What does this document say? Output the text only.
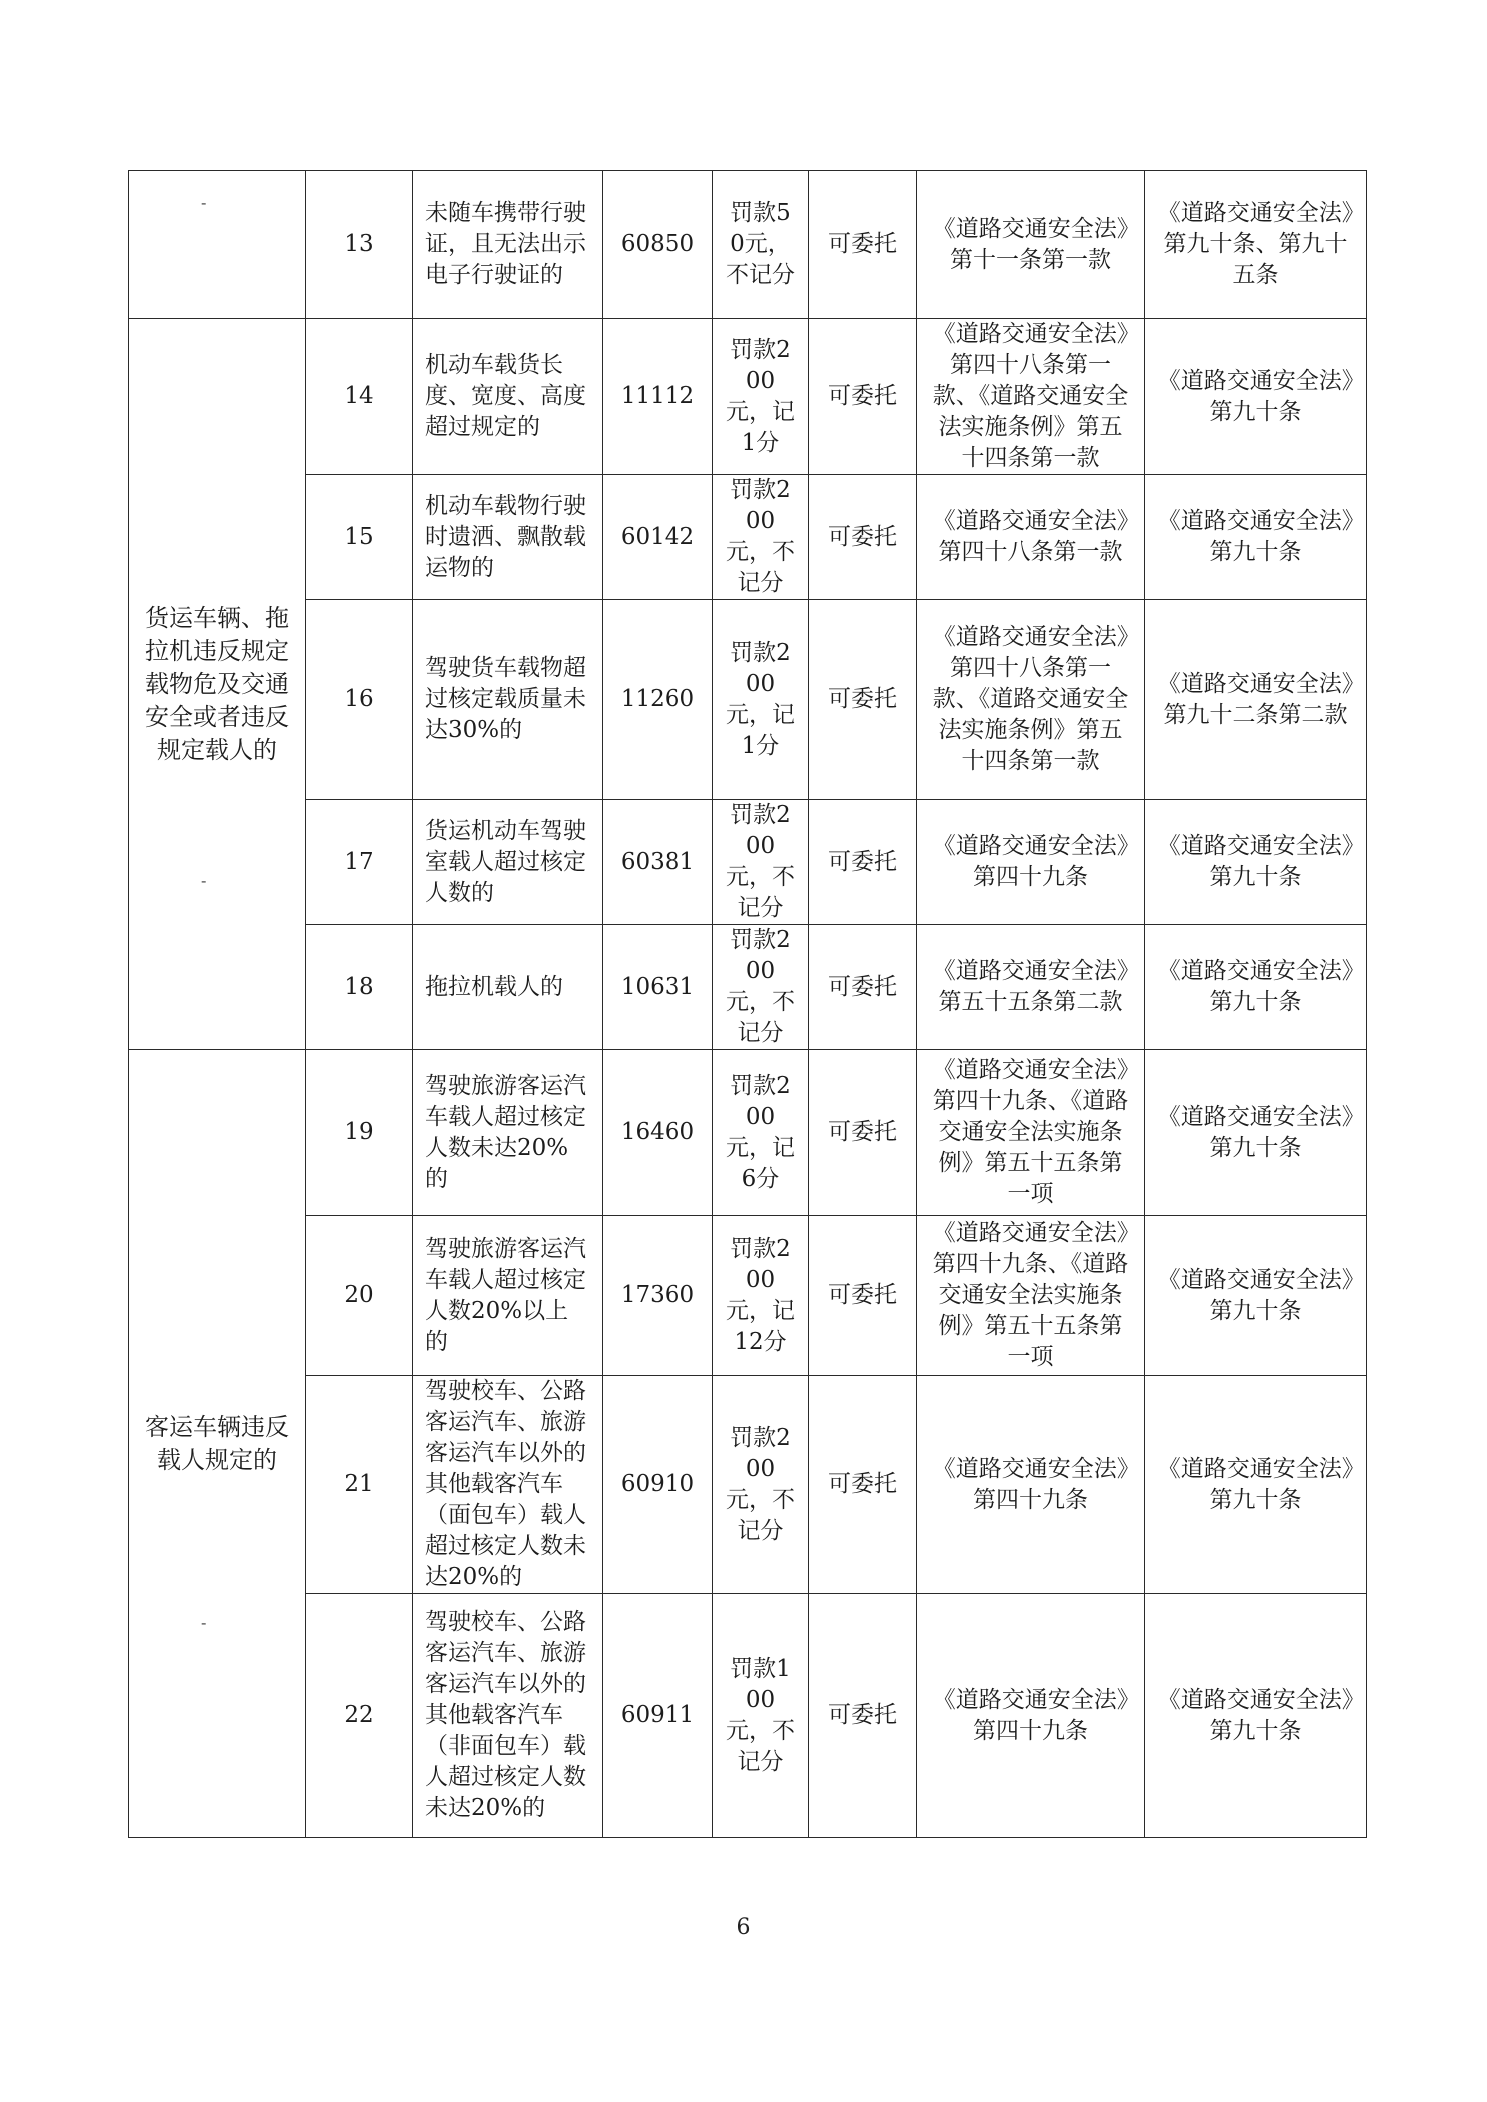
-	13	未随车携带行驶证，且无法出示电子行驶证的	60850	罚款50元，不记分	可委托	《道路交通安全法》第十一条第一款	《道路交通安全法》第九十条、第九十五条
货运车辆、拖拉机违反规定载物危及交通安全或者违反规定载人的
-	14	机动车载货长度、宽度、高度超过规定的	11112	罚款200元，记1分	可委托	《道路交通安全法》第四十八条第一款、《道路交通安全法实施条例》第五十四条第一款	《道路交通安全法》第九十条
	15	机动车载物行驶时遗洒、飘散载运物的	60142	罚款200元，不记分	可委托	《道路交通安全法》第四十八条第一款	《道路交通安全法》第九十条
	16	驾驶货车载物超过核定载质量未达30%的	11260	罚款200元，记1分	可委托	《道路交通安全法》第四十八条第一款、《道路交通安全法实施条例》第五十四条第一款	《道路交通安全法》第九十二条第二款
	17	货运机动车驾驶室载人超过核定人数的	60381	罚款200元，不记分	可委托	《道路交通安全法》第四十九条	《道路交通安全法》第九十条
	18	拖拉机载人的	10631	罚款200元，不记分	可委托	《道路交通安全法》第五十五条第二款	《道路交通安全法》第九十条
客运车辆违反载人规定的
-	19	驾驶旅游客运汽车载人超过核定人数未达20%的	16460	罚款200元，记6分	可委托	《道路交通安全法》第四十九条、《道路交通安全法实施条例》第五十五条第一项	《道路交通安全法》第九十条
	20	驾驶旅游客运汽车载人超过核定人数20%以上的	17360	罚款200元，记12分	可委托	《道路交通安全法》第四十九条、《道路交通安全法实施条例》第五十五条第一项	《道路交通安全法》第九十条
	21	驾驶校车、公路客运汽车、旅游客运汽车以外的其他载客汽车（面包车）载人超过核定人数未达20%的	60910	罚款200元，不记分	可委托	《道路交通安全法》第四十九条	《道路交通安全法》第九十条
	22	驾驶校车、公路客运汽车、旅游客运汽车以外的其他载客汽车（非面包车）载人超过核定人数未达20%的	60911	罚款100元，不记分	可委托	《道路交通安全法》第四十九条	《道路交通安全法》第九十条
6
